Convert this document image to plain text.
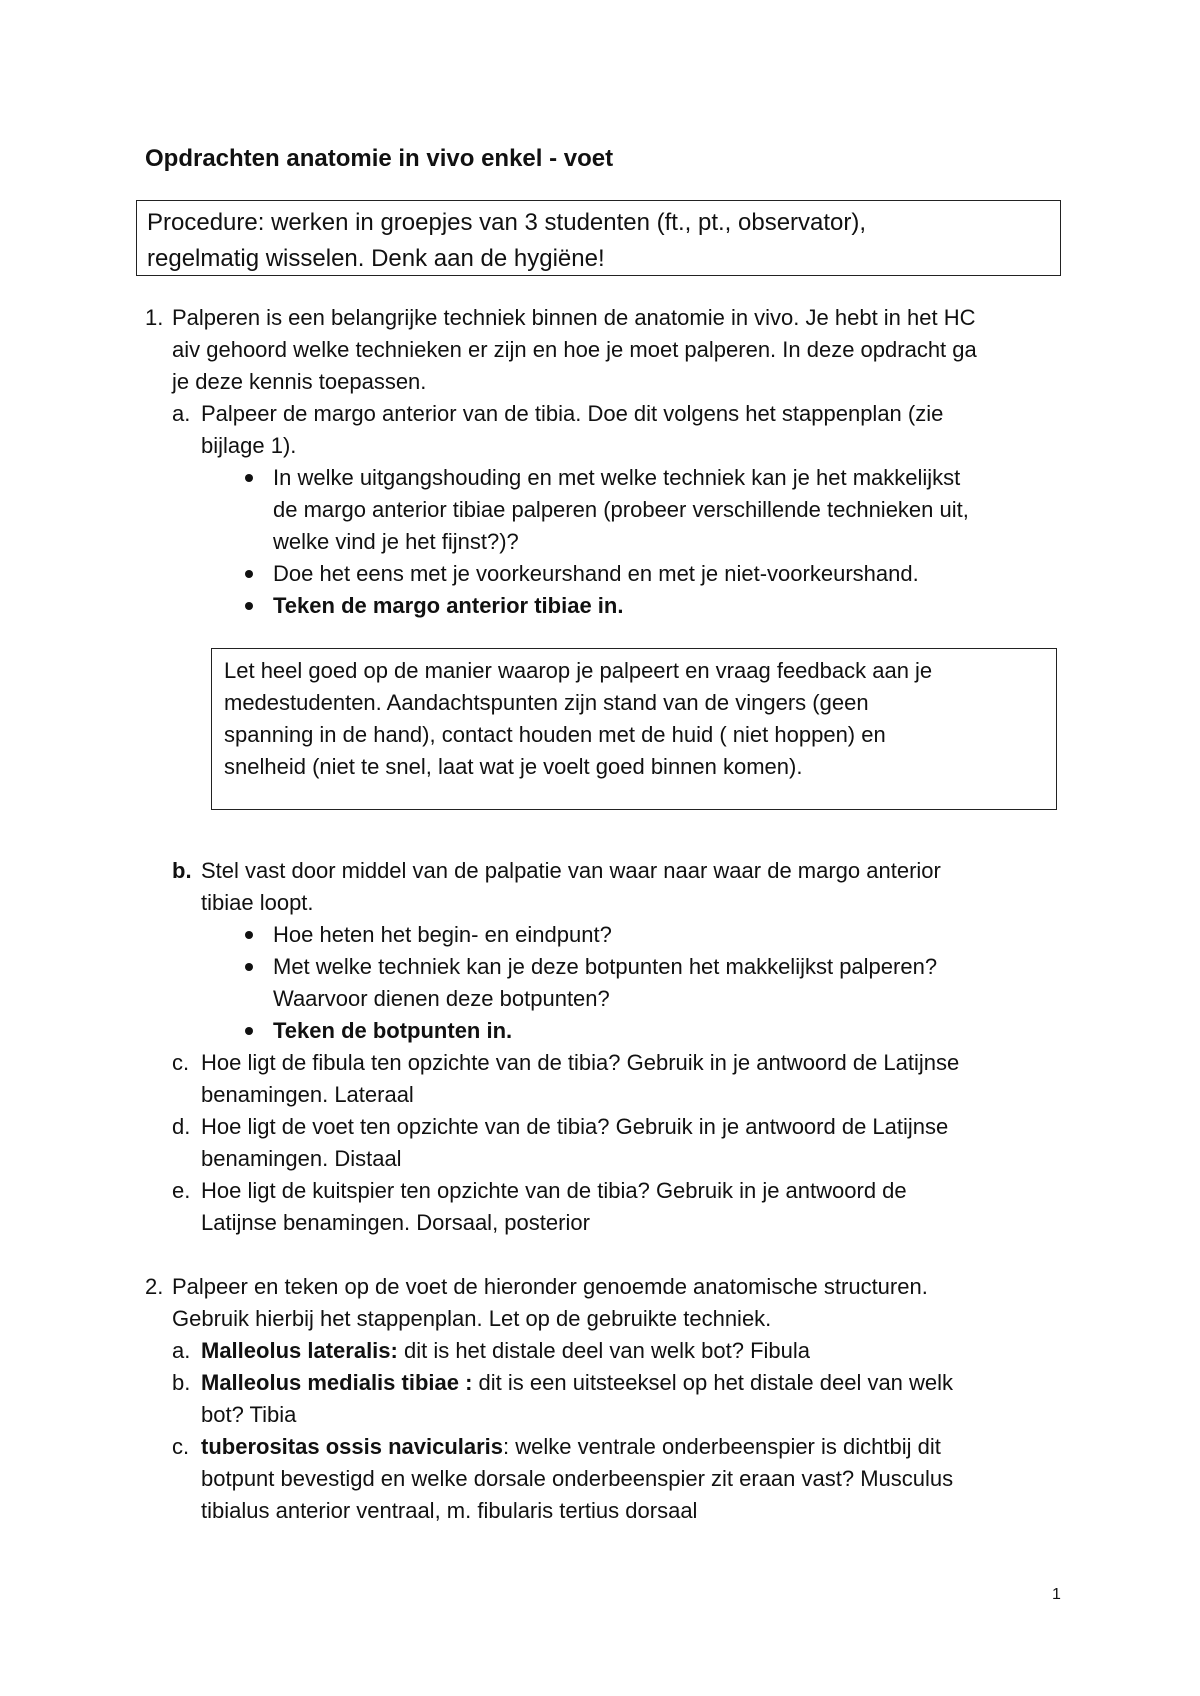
Opdrachten anatomie in vivo enkel - voet
Procedure: werken in groepjes van 3 studenten (ft., pt., observator),
regelmatig wisselen. Denk aan de hygiëne!
1. Palperen is een belangrijke techniek binnen de anatomie in vivo. Je hebt in het HC
aiv gehoord welke technieken er zijn en hoe je moet palperen. In deze opdracht ga
je deze kennis toepassen.
a. Palpeer de margo anterior van de tibia. Doe dit volgens het stappenplan (zie
bijlage 1).
In welke uitgangshouding en met welke techniek kan je het makkelijkst
de margo anterior tibiae palperen (probeer verschillende technieken uit,
welke vind je het fijnst?)?
Doe het eens met je voorkeurshand en met je niet-voorkeurshand.
Teken de margo anterior tibiae in.
Let heel goed op de manier waarop je palpeert en vraag feedback aan je
medestudenten. Aandachtspunten zijn stand van de vingers (geen
spanning in de hand), contact houden met de huid ( niet hoppen) en
snelheid (niet te snel, laat wat je voelt goed binnen komen).
b. Stel vast door middel van de palpatie van waar naar waar de margo anterior
tibiae loopt.
Hoe heten het begin- en eindpunt?
Met welke techniek kan je deze botpunten het makkelijkst palperen?
Waarvoor dienen deze botpunten?
Teken de botpunten in.
c. Hoe ligt de fibula ten opzichte van de tibia? Gebruik in je antwoord de Latijnse
benamingen. Lateraal
d. Hoe ligt de voet ten opzichte van de tibia? Gebruik in je antwoord de Latijnse
benamingen. Distaal
e. Hoe ligt de kuitspier ten opzichte van de tibia? Gebruik in je antwoord de
Latijnse benamingen. Dorsaal, posterior
2. Palpeer en teken op de voet de hieronder genoemde anatomische structuren.
Gebruik hierbij het stappenplan. Let op de gebruikte techniek.
a. Malleolus lateralis: dit is het distale deel van welk bot? Fibula
b. Malleolus medialis tibiae : dit is een uitsteeksel op het distale deel van welk
bot? Tibia
c. tuberositas ossis navicularis: welke ventrale onderbeenspier is dichtbij dit
botpunt bevestigd en welke dorsale onderbeenspier zit eraan vast? Musculus
tibialus anterior ventraal, m. fibularis tertius dorsaal
1
